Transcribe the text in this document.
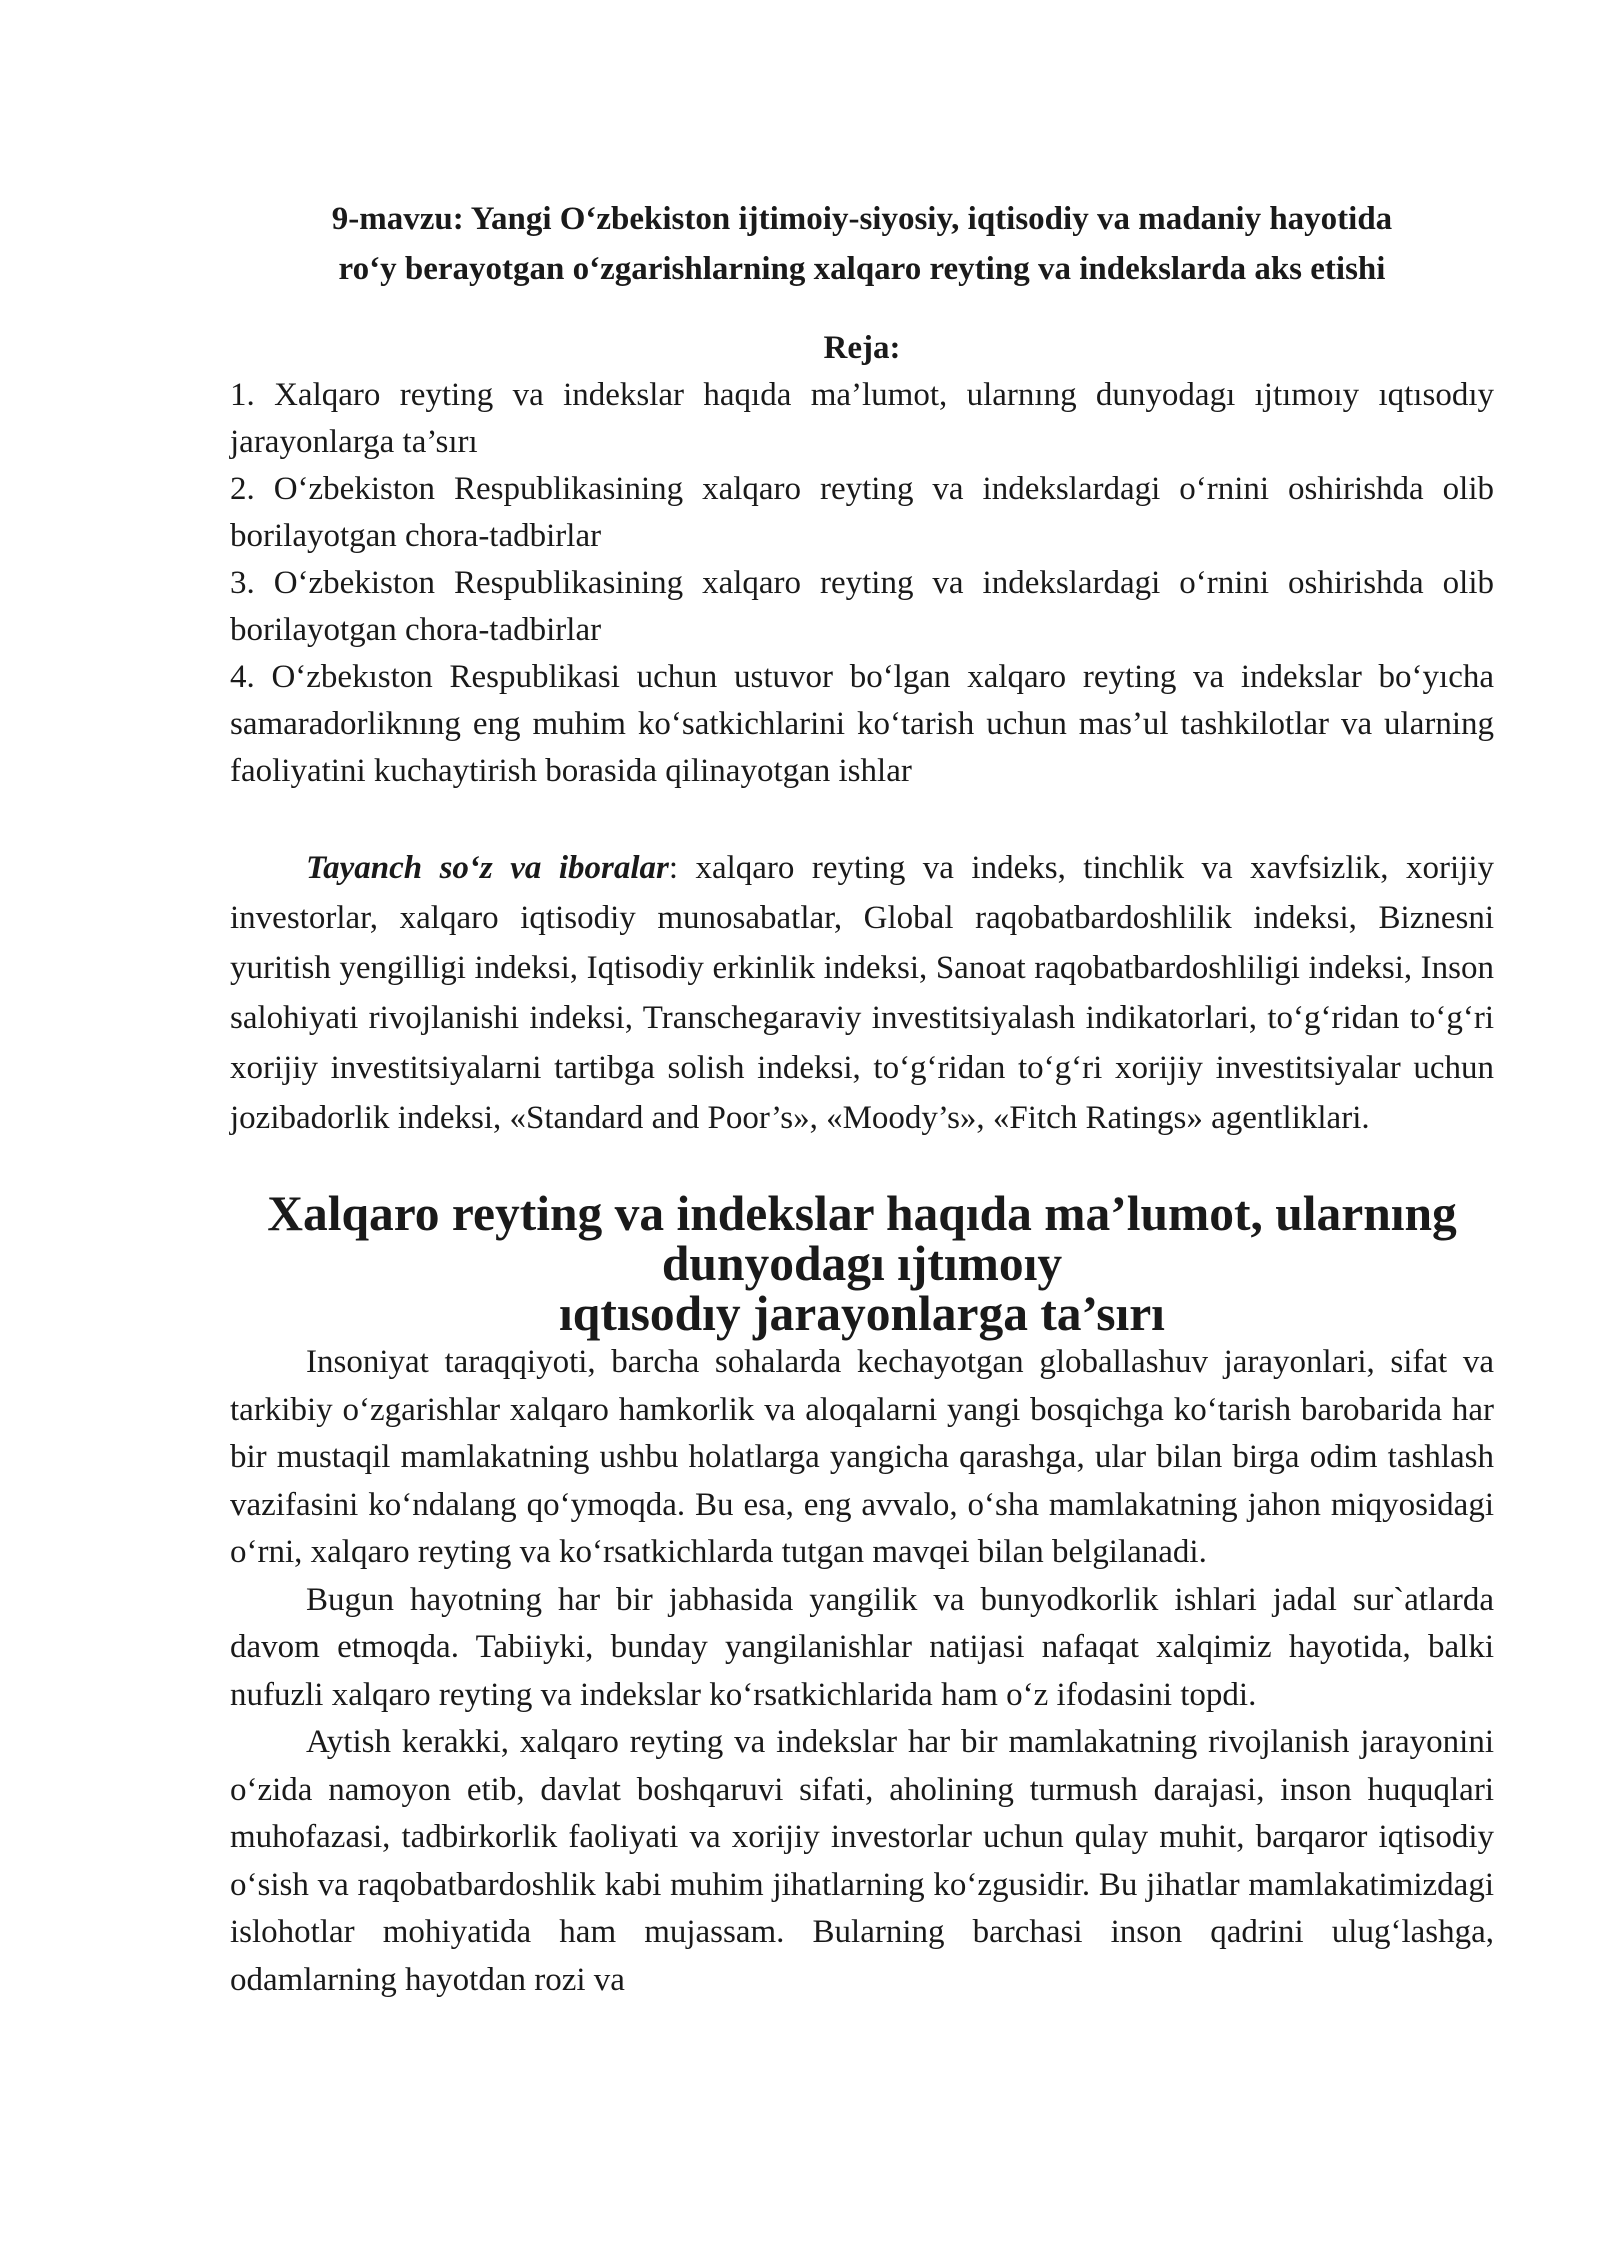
9-mavzu: Yangi O‘zbekiston ijtimoiy-siyosiy, iqtisodiy va madaniy hayotida
ro‘y berayotgan o‘zgarishlarning xalqaro reyting va indekslarda aks etishi

Reja:

1. Xalqaro reyting va indekslar haqıda ma’lumot, ularnıng dunyodagı ıjtımoıy ıqtısodıy jarayonlarga ta’sırı
2. O‘zbekiston Respublikasining xalqaro reyting va indekslardagi o‘rnini oshirishda olib borilayotgan chora-tadbirlar
3. O‘zbekiston Respublikasining xalqaro reyting va indekslardagi o‘rnini oshirishda olib borilayotgan chora-tadbirlar
4. O‘zbekıston Respublikasi uchun ustuvor bo‘lgan xalqaro reyting va indekslar bo‘yıcha samaradorliknıng eng muhim ko‘satkichlarini ko‘tarish uchun mas’ul tashkilotlar va ularning faoliyatini kuchaytirish borasida qilinayotgan ishlar

Tayanch so‘z va iboralar: xalqaro reyting va indeks, tinchlik va xavfsizlik, xorijiy investorlar, xalqaro iqtisodiy munosabatlar, Global raqobatbardoshlilik indeksi, Biznesni yuritish yengilligi indeksi, Iqtisodiy erkinlik indeksi, Sanoat raqobatbardoshliligi indeksi, Inson salohiyati rivojlanishi indeksi, Transchegaraviy investitsiyalash indikatorlari, to‘g‘ridan to‘g‘ri xorijiy investitsiyalarni tartibga solish indeksi, to‘g‘ridan to‘g‘ri xorijiy investitsiyalar uchun jozibadorlik indeksi, «Standard and Poor’s», «Moody’s», «Fitch Ratings» agentliklari.

Xalqaro reyting va indekslar haqıda ma’lumot, ularnıng dunyodagı ıjtımoıy
ıqtısodıy jarayonlarga ta’sırı

Insoniyat taraqqiyoti, barcha sohalarda kechayotgan globallashuv jarayonlari, sifat va tarkibiy o‘zgarishlar xalqaro hamkorlik va aloqalarni yangi bosqichga ko‘tarish barobarida har bir mustaqil mamlakatning ushbu holatlarga yangicha qarashga, ular bilan birga odim tashlash vazifasini ko‘ndalang qo‘ymoqda. Bu esa, eng avvalo, o‘sha mamlakatning jahon miqyosidagi o‘rni, xalqaro reyting va ko‘rsatkichlarda tutgan mavqei bilan belgilanadi.

Bugun hayotning har bir jabhasida yangilik va bunyodkorlik ishlari jadal sur`atlarda davom etmoqda. Tabiiyki, bunday yangilanishlar natijasi nafaqat xalqimiz hayotida, balki nufuzli xalqaro reyting va indekslar ko‘rsatkichlarida ham o‘z ifodasini topdi.

Aytish kerakki, xalqaro reyting va indekslar har bir mamlakatning rivojlanish jarayonini o‘zida namoyon etib, davlat boshqaruvi sifati, aholining turmush darajasi, inson huquqlari muhofazasi, tadbirkorlik faoliyati va xorijiy investorlar uchun qulay muhit, barqaror iqtisodiy o‘sish va raqobatbardoshlik kabi muhim jihatlarning ko‘zgusidir. Bu jihatlar mamlakatimizdagi islohotlar mohiyatida ham mujassam. Bularning barchasi inson qadrini ulug‘lashga, odamlarning hayotdan rozi va
